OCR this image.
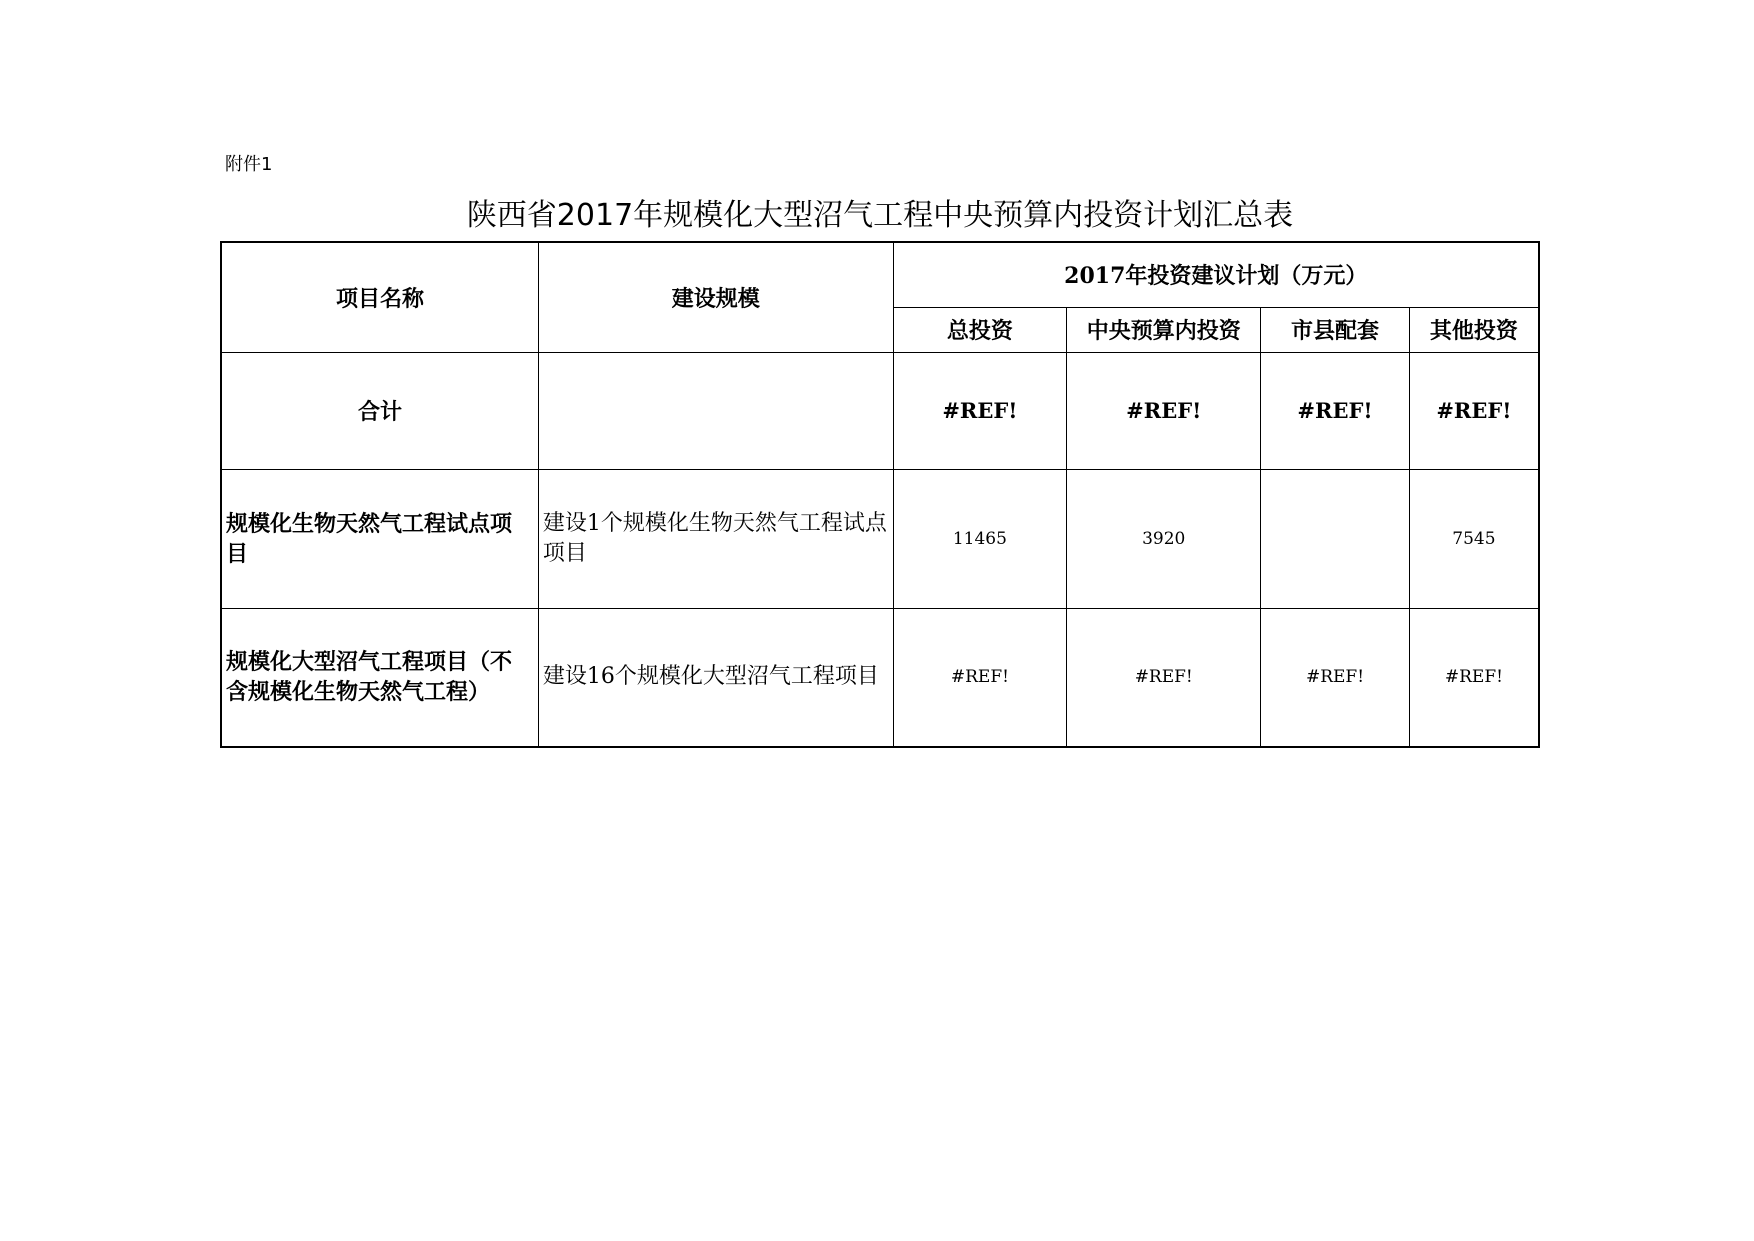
附件1
陕西省2017年规模化大型沼气工程中央预算内投资计划汇总表
项目名称	建设规模	2017年投资建议计划（万元）			
		总投资	中央预算内投资	市县配套	其他投资
合计		#REF!	#REF!	#REF!	#REF!
规模化生物天然气工程试点项目	建设1个规模化生物天然气工程试点项目	11465	3920		7545
规模化大型沼气工程项目（不含规模化生物天然气工程）	建设16个规模化大型沼气工程项目	#REF!	#REF!	#REF!	#REF!
